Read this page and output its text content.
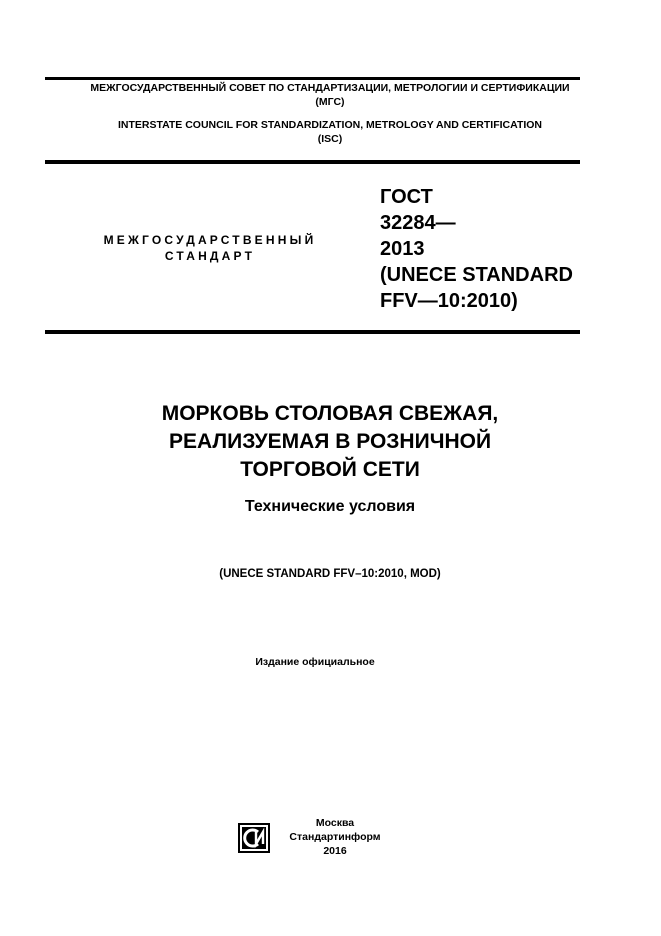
МЕЖГОСУДАРСТВЕННЫЙ СОВЕТ ПО СТАНДАРТИЗАЦИИ, МЕТРОЛОГИИ И СЕРТИФИКАЦИИ
(МГС)
INTERSTATE COUNCIL FOR STANDARDIZATION, METROLOGY AND CERTIFICATION
(ISC)
МЕЖГОСУДАРСТВЕННЫЙ
СТАНДАРТ
ГОСТ
32284—
2013
(UNECE STANDARD
FFV—10:2010)
МОРКОВЬ СТОЛОВАЯ СВЕЖАЯ,
РЕАЛИЗУЕМАЯ В РОЗНИЧНОЙ
ТОРГОВОЙ СЕТИ
Технические условия
(UNECE STANDARD FFV–10:2010, MOD)
Издание официальное
Москва
Стандартинформ
2016
